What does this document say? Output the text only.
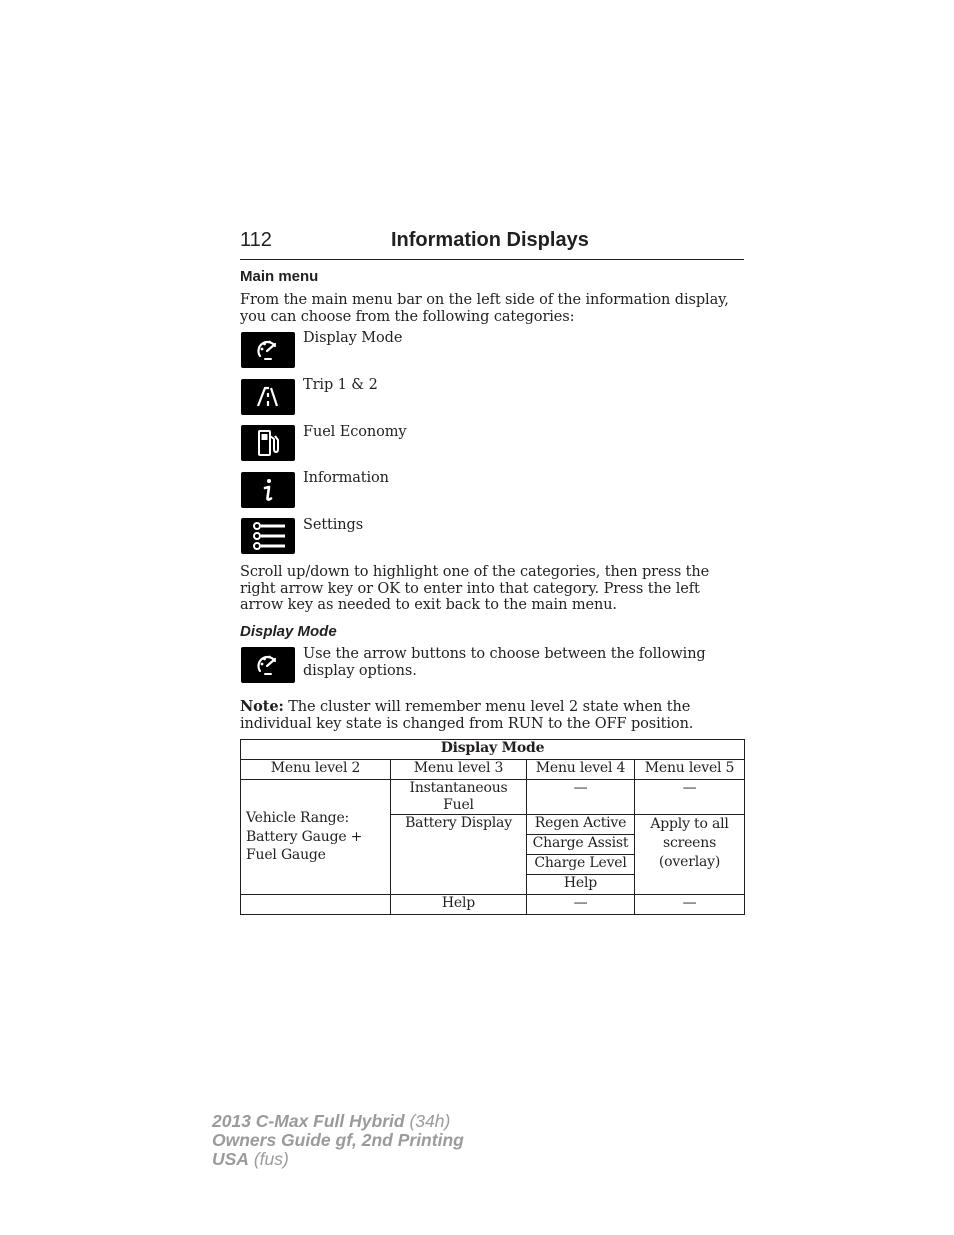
112	Information Displays
Main menu
From the main menu bar on the left side of the information display, you can choose from the following categories:
Display Mode
Trip 1 & 2
Fuel Economy
Information
Settings
Scroll up/down to highlight one of the categories, then press the right arrow key or OK to enter into that category. Press the left arrow key as needed to exit back to the main menu.
Display Mode
Use the arrow buttons to choose between the following display options.
Note: The cluster will remember menu level 2 state when the individual key state is changed from RUN to the OFF position.
Display Mode			
Menu level 2	Menu level 3	Menu level 4	Menu level 5
Vehicle Range: Battery Gauge + Fuel Gauge	Instantaneous Fuel	—	—
	Battery Display	Regen Active	Apply to all screens (overlay)
		Charge Assist	
		Charge Level	
		Help	
	Help	—	—
2013 C-Max Full Hybrid (34h)
Owners Guide gf, 2nd Printing
USA (fus)
